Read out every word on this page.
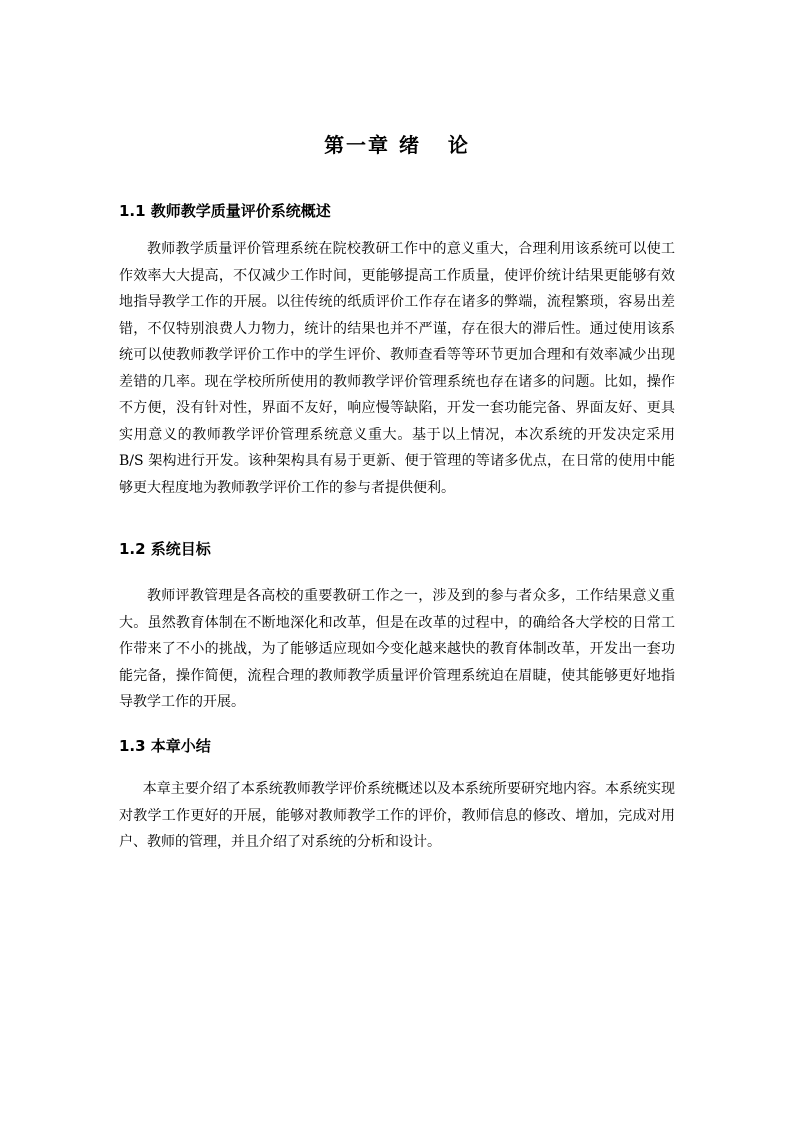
第一章 绪   论
1.1 教师教学质量评价系统概述

教师教学质量评价管理系统在院校教研工作中的意义重大，合理利用该系统可以使工作效率大大提高，不仅减少工作时间，更能够提高工作质量，使评价统计结果更能够有效地指导教学工作的开展。以往传统的纸质评价工作存在诸多的弊端，流程繁琐，容易出差错，不仅特别浪费人力物力，统计的结果也并不严谨，存在很大的滞后性。通过使用该系统可以使教师教学评价工作中的学生评价、教师查看等等环节更加合理和有效率减少出现差错的几率。现在学校所所使用的教师教学评价管理系统也存在诸多的问题。比如，操作不方便，没有针对性，界面不友好，响应慢等缺陷，开发一套功能完备、界面友好、更具实用意义的教师教学评价管理系统意义重大。基于以上情况，本次系统的开发决定采用 B/S 架构进行开发。该种架构具有易于更新、便于管理的等诸多优点，在日常的使用中能够更大程度地为教师教学评价工作的参与者提供便利。

1.2 系统目标

教师评教管理是各高校的重要教研工作之一，涉及到的参与者众多，工作结果意义重大。虽然教育体制在不断地深化和改革，但是在改革的过程中，的确给各大学校的日常工作带来了不小的挑战，为了能够适应现如今变化越来越快的教育体制改革，开发出一套功能完备，操作简便，流程合理的教师教学质量评价管理系统迫在眉睫，使其能够更好地指导教学工作的开展。

1.3 本章小结

本章主要介绍了本系统教师教学评价系统概述以及本系统所要研究地内容。本系统实现对教学工作更好的开展，能够对教师教学工作的评价，教师信息的修改、增加，完成对用户、教师的管理，并且介绍了对系统的分析和设计。
